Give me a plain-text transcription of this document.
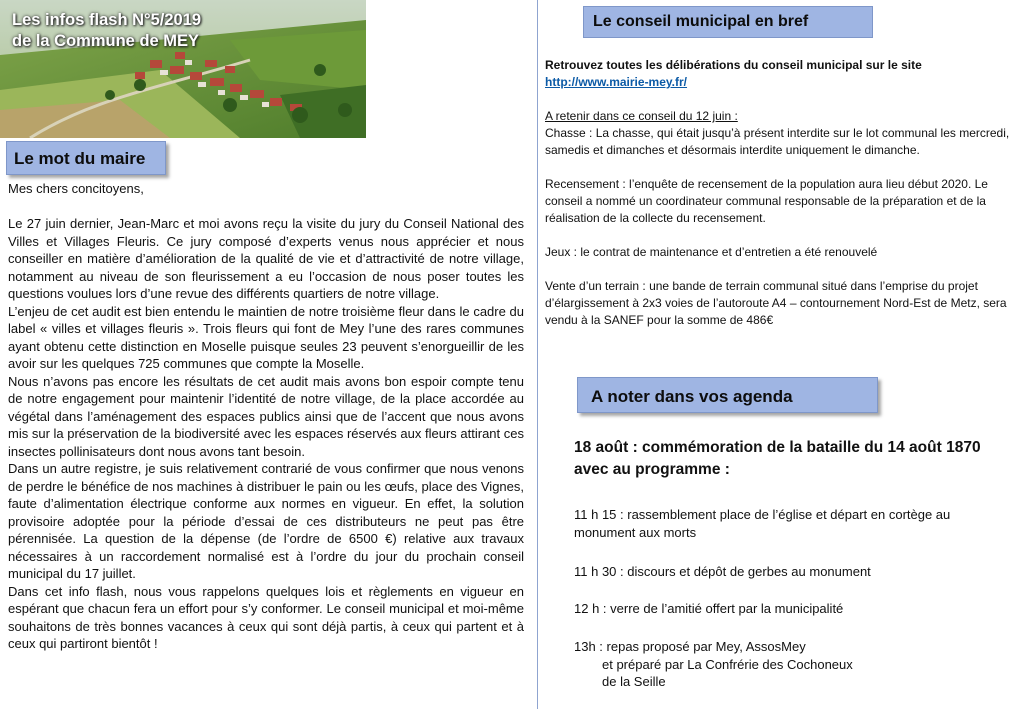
Les infos flash N°5/2019
de la Commune de MEY
Le mot du maire

Mes chers concitoyens,

Le 27 juin dernier, Jean-Marc et moi avons reçu la visite du jury du Conseil National des Villes et Villages Fleuris. Ce jury composé d’experts venus nous apprécier et nous conseiller en matière d’amélioration de la qualité de vie et d’attractivité de notre village, notamment au niveau de son fleurissement a eu l’occasion de nous poser toutes les questions voulues lors d’une revue des différents quartiers de notre village.

L’enjeu de cet audit est bien entendu le maintien de notre troisième fleur dans le cadre du label « villes et villages fleuris ». Trois fleurs qui font de Mey l’une des rares communes ayant obtenu cette distinction en Moselle puisque seules 23 peuvent s’enorgueillir de les avoir sur les quelques 725 communes que compte la Moselle.

Nous n’avons pas encore les résultats de cet audit mais avons bon espoir compte tenu de notre engagement pour maintenir l’identité de notre village, de la place accordée au végétal dans l’aménagement des espaces publics ainsi que de l’accent que nous avons mis sur la préservation de la biodiversité avec les espaces réservés aux fleurs attirant ces insectes pollinisateurs dont nous avons tant besoin.

Dans un autre registre, je suis relativement contrarié de vous confirmer que nous venons de perdre le bénéfice de nos machines à distribuer le pain ou les œufs, place des Vignes, faute d’alimentation électrique conforme aux normes en vigueur. En effet, la solution provisoire adoptée pour la période d’essai de ces distributeurs ne peut pas être pérennisée. La question de la dépense (de l’ordre de 6500 €) relative aux travaux nécessaires à un raccordement normalisé est à l’ordre du jour du prochain conseil municipal du 17 juillet.

Dans cet info flash, nous vous rappelons quelques lois et règlements en vigueur en espérant que chacun fera un effort pour s’y conformer. Le conseil municipal et moi-même souhaitons de très bonnes vacances à ceux qui sont déjà partis, à ceux qui partent et à ceux qui partiront bientôt !

Le conseil municipal en bref

Retrouvez toutes les délibérations du conseil municipal sur le site

http://www.mairie-mey.fr/

A retenir dans ce conseil du 12 juin :

Chasse : La chasse, qui était jusqu’à présent interdite sur le lot communal les mercredi, samedis et dimanches et désormais interdite uniquement le dimanche.

Recensement : l’enquête de recensement de la population aura lieu début 2020. Le conseil a nommé un coordinateur communal responsable de la préparation et de la réalisation de la collecte du recensement.

Jeux : le contrat de maintenance et d’entretien a été renouvelé

Vente d’un terrain : une bande de terrain communal situé dans l’emprise du projet d’élargissement à 2x3 voies de l’autoroute A4 – contournement Nord-Est de Metz, sera vendu à la SANEF pour la somme de 486€

A noter dans vos agenda

18 août : commémoration de la bataille du 14 août 1870 avec au programme :

11 h 15 : rassemblement place de l’église et départ en cortège au monument aux morts

11 h 30 : discours et dépôt de gerbes au monument

12 h : verre de l’amitié offert par la municipalité

13h : repas proposé par Mey, AssosMey
et préparé par La Confrérie des Cochoneux
de la Seille
